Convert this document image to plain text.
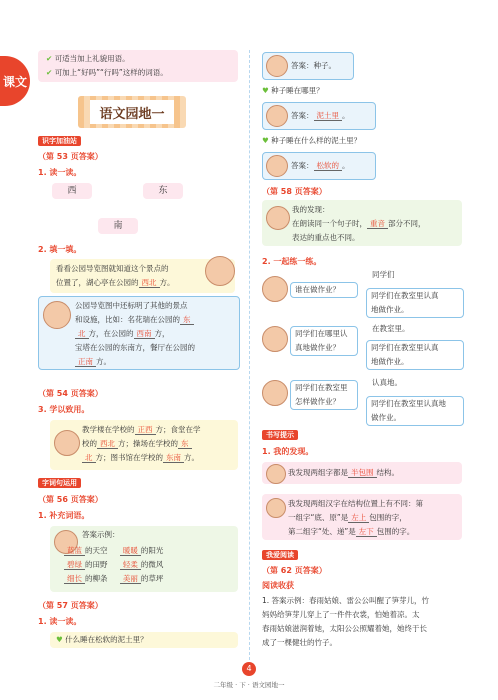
课文
✔ 可适当加上礼貌用语。
✔ 可加上“好吗”“行吗”这样的词语。
语文园地一
识字加油站
（第 53 页答案）
1. 读一读。
西	东
南
2. 填一填。
看看公园导览图就知道这个景点的
位置了，湖心亭在公园的 西北 方。
公园导览图中还标明了其他的景点
和设施，比如：名花瑞在公园的 东
北 方，在公园的 西南 方，
宝塔在公园的东南方，餐厅在公园的
正南 方。
（第 54 页答案）
3. 学以致用。
教学楼在学校的 正西 方；食堂在学
校的 西北 方；操场在学校的 东
北 方；图书馆在学校的 东南 方。
字词句运用
（第 56 页答案）
1. 补充词语。
答案示例：
蓝蓝 的天空 暖暖 的阳光
碧绿 的田野 轻柔 的微风
细长 的柳条 美丽 的草坪
（第 57 页答案）
1. 读一读。
♥ 什么睡在松软的泥土里？
答案：种子。
♥ 种子睡在哪里？
答案： 泥土里 。
♥ 种子睡在什么样的泥土里？
答案： 松软的 。
（第 58 页答案）
我的发现：
在朗读同一个句子时， 重音 部分不同，
表达的重点也不同。
2. 一起练一练。
谁在做作业？
同学们
同学们在教室里认真
地做作业。
同学们在哪里认
真地做作业？
在教室里。
同学们在教室里认真
地做作业。
同学们在教室里
怎样做作业？
认真地。
同学们在教室里认真地
做作业。
书写提示
1. 我的发现。
我发现两组字都是 半包围 结构。
我发现两组汉字在结构位置上有不同：第
一组字“底、原”是 左上 包围的字，
第二组字“处、递”是 左下 包围的字。
我爱阅读
（第 62 页答案）
阅读收获
1. 答案示例：春雨姑娘、雷公公叫醒了笋芽儿，竹
妈妈给笋芽儿穿上了一件件衣裳，怕她着凉。太
春雨姑娘滋润着她，太阳公公照耀着她，她终于长
成了一棵健壮的竹子。
4
二年级 · 下 · 语文园地一
